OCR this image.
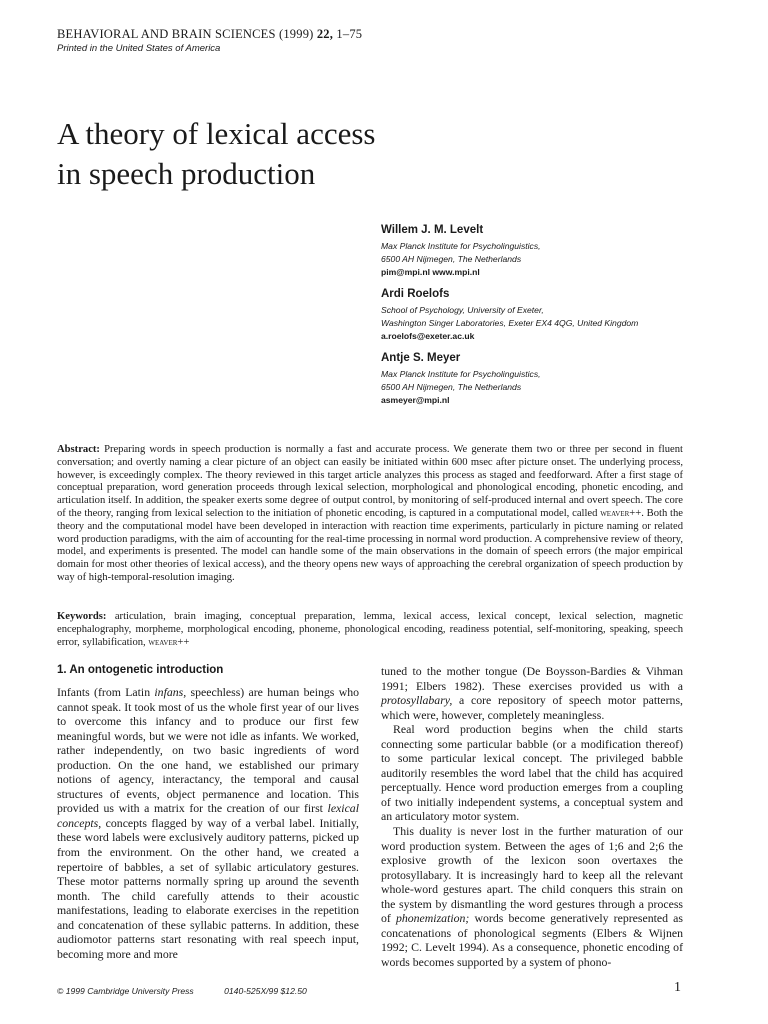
BEHAVIORAL AND BRAIN SCIENCES (1999) 22, 1–75
Printed in the United States of America
A theory of lexical access
in speech production
Willem J. M. Levelt
Max Planck Institute for Psycholinguistics,
6500 AH Nijmegen, The Netherlands
pim@mpi.nl www.mpi.nl
Ardi Roelofs
School of Psychology, University of Exeter,
Washington Singer Laboratories, Exeter EX4 4QG, United Kingdom
a.roelofs@exeter.ac.uk
Antje S. Meyer
Max Planck Institute for Psycholinguistics,
6500 AH Nijmegen, The Netherlands
asmeyer@mpi.nl
Abstract: Preparing words in speech production is normally a fast and accurate process. We generate them two or three per second in fluent conversation; and overtly naming a clear picture of an object can easily be initiated within 600 msec after picture onset. The underlying process, however, is exceedingly complex. The theory reviewed in this target article analyzes this process as staged and feedforward. After a first stage of conceptual preparation, word generation proceeds through lexical selection, morphological and phonological encoding, phonetic encoding, and articulation itself. In addition, the speaker exerts some degree of output control, by monitoring of self-produced internal and overt speech. The core of the theory, ranging from lexical selection to the initiation of phonetic encoding, is captured in a computational model, called weaver++. Both the theory and the computational model have been developed in interaction with reaction time experiments, particularly in picture naming or related word production paradigms, with the aim of accounting for the real-time processing in normal word production. A comprehensive review of theory, model, and experiments is presented. The model can handle some of the main observations in the domain of speech errors (the major empirical domain for most other theories of lexical access), and the theory opens new ways of approaching the cerebral organization of speech production by way of high-temporal-resolution imaging.
Keywords: articulation, brain imaging, conceptual preparation, lemma, lexical access, lexical concept, lexical selection, magnetic encephalography, morpheme, morphological encoding, phoneme, phonological encoding, readiness potential, self-monitoring, speaking, speech error, syllabification, weaver++
1. An ontogenetic introduction

Infants (from Latin infans, speechless) are human beings who cannot speak. It took most of us the whole first year of our lives to overcome this infancy and to produce our first few meaningful words, but we were not idle as infants. We worked, rather independently, on two basic ingredients of word production. On the one hand, we established our primary notions of agency, interactancy, the temporal and causal structures of events, object permanence and location. This provided us with a matrix for the creation of our first lexical concepts, concepts flagged by way of a verbal label. Initially, these word labels were exclusively auditory patterns, picked up from the environment. On the other hand, we created a repertoire of babbles, a set of syllabic articulatory gestures. These motor patterns normally spring up around the seventh month. The child carefully attends to their acoustic manifestations, leading to elaborate exercises in the repetition and concatenation of these syllabic patterns. In addition, these audiomotor patterns start resonating with real speech input, becoming more and more

tuned to the mother tongue (De Boysson-Bardies & Vihman 1991; Elbers 1982). These exercises provided us with a protosyllabary, a core repository of speech motor patterns, which were, however, completely meaningless.

Real word production begins when the child starts connecting some particular babble (or a modification thereof) to some particular lexical concept. The privileged babble auditorily resembles the word label that the child has acquired perceptually. Hence word production emerges from a coupling of two initially independent systems, a conceptual system and an articulatory motor system.

This duality is never lost in the further maturation of our word production system. Between the ages of 1;6 and 2;6 the explosive growth of the lexicon soon overtaxes the protosyllabary. It is increasingly hard to keep all the relevant whole-word gestures apart. The child conquers this strain on the system by dismantling the word gestures through a process of phonemization; words become generatively represented as concatenations of phonological segments (Elbers & Wijnen 1992; C. Levelt 1994). As a consequence, phonetic encoding of words becomes supported by a system of phono-

© 1999 Cambridge University Press	0140-525X/99 $12.50	1
